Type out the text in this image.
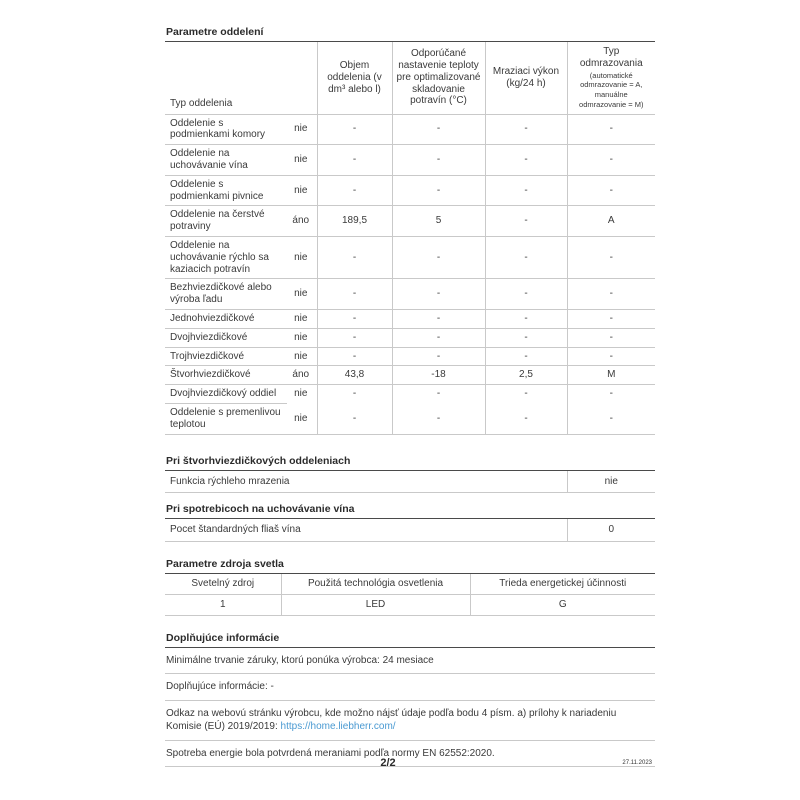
Parametre oddelení
Typ oddelenia		Objem oddelenia (v dm³ alebo l)	Odporúčané nastavenie teploty pre optimalizované skladovanie potravín (°C)	Mraziaci výkon (kg/24 h)	Typ odmrazovania
(automatické odmrazovanie = A, manuálne odmrazovanie = M)

Oddelenie s podmienkami komory	nie	-	-	-	-
Oddelenie na uchovávanie vína	nie	-	-	-	-
Oddelenie s podmienkami pivnice	nie	-	-	-	-
Oddelenie na čerstvé potraviny	áno	189,5	5	-	A
Oddelenie na uchovávanie rýchlo sa kaziacich potravín	nie	-	-	-	-
Bezhviezdičkové alebo výroba ľadu	nie	-	-	-	-
Jednohviezdičkové	nie	-	-	-	-
Dvojhviezdičkové	nie	-	-	-	-
Trojhviezdičkové	nie	-	-	-	-
Štvorhviezdičkové	áno	43,8	-18	2,5	M
Dvojhviezdičkový oddiel	nie	-	-	-	-
Oddelenie s premenlivou teplotou	nie	-	-	-	-
Pri štvorhviezdičkových oddeleniach
Funkcia rýchleho mrazenia	nie
Pri spotrebicoch na uchovávanie vína
Pocet štandardných fliaš vína	0
Parametre zdroja svetla
Svetelný zdroj	Použitá technológia osvetlenia	Trieda energetickej účinnosti
1	LED	G
Doplňujúce informácie
Minimálne trvanie záruky, ktorú ponúka výrobca: 24 mesiace
Doplňujúce informácie: -
Odkaz na webovú stránku výrobcu, kde možno nájsť údaje podľa bodu 4 písm. a) prílohy k nariadeniu Komisie (EÚ) 2019/2019: https://home.liebherr.com/
Spotreba energie bola potvrdená meraniami podľa normy EN 62552:2020.
2/2	27.11.2023
